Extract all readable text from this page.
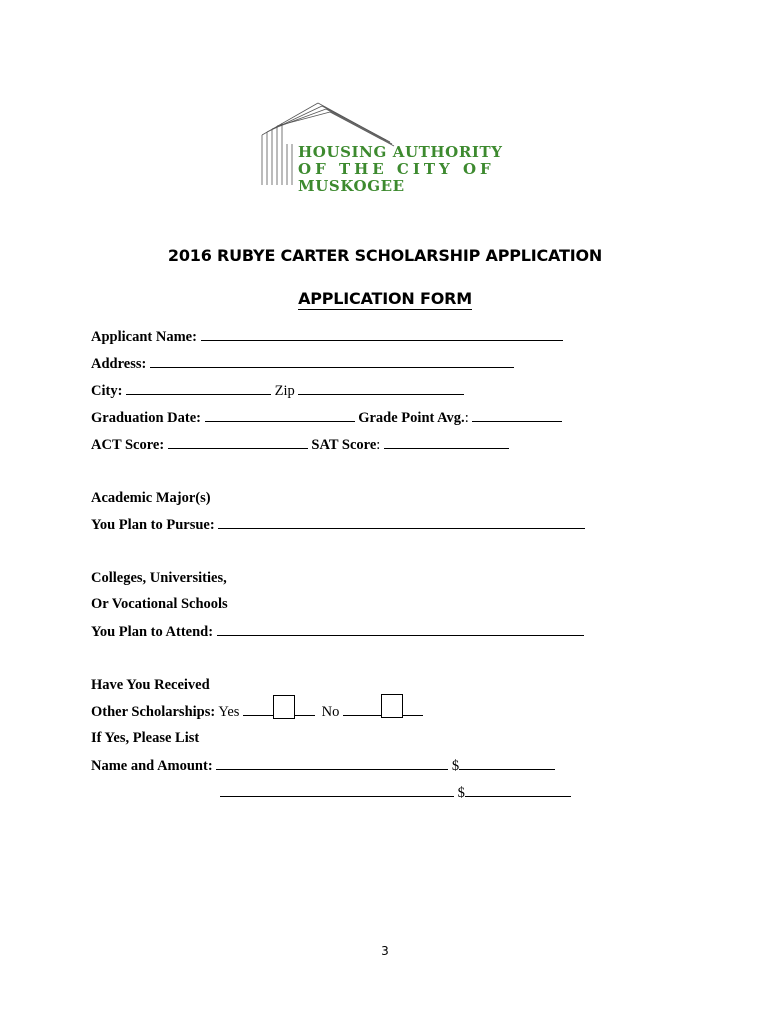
HOUSING AUTHORITY
OF THE CITY OF
MUSKOGEE
2016 RUBYE CARTER SCHOLARSHIP APPLICATION
APPLICATION FORM
Applicant Name:
Address:
City:	Zip
Graduation Date:	Grade Point Avg.:
ACT Score:	SAT Score:
Academic Major(s)
You Plan to Pursue:
Colleges, Universities,
Or Vocational Schools
You Plan to Attend:
Have You Received
Other Scholarships: Yes	No
If Yes, Please List
Name and Amount:	$
$
3
